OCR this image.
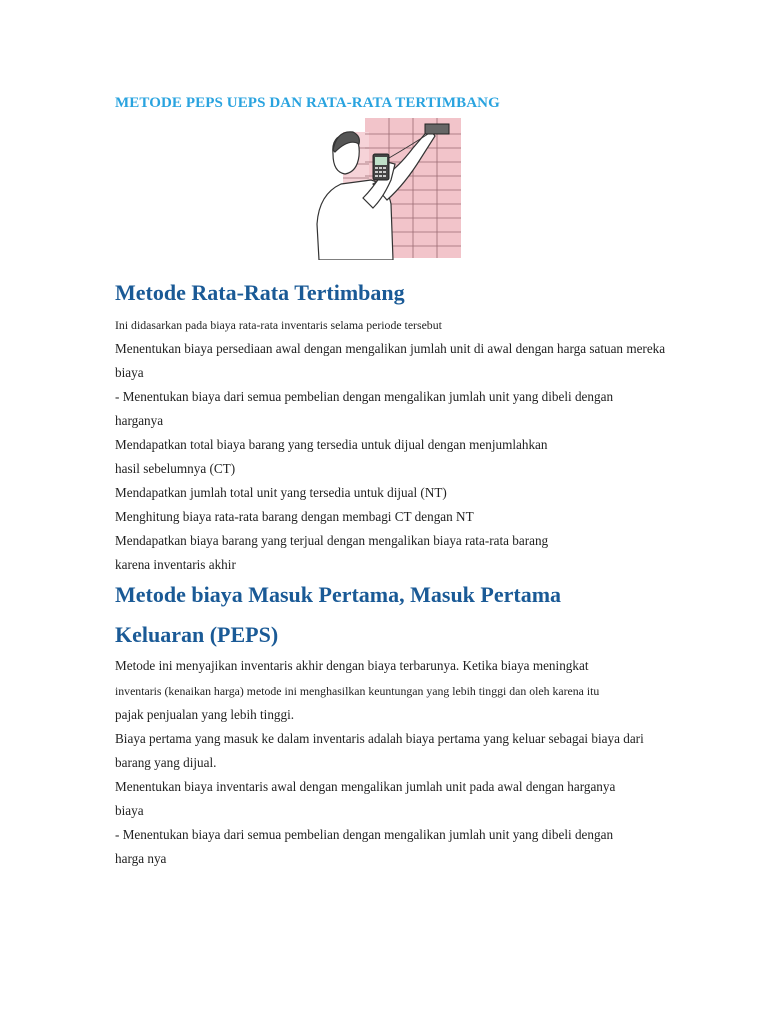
METODE PEPS UEPS DAN RATA-RATA TERTIMBANG
Metode Rata-Rata Tertimbang

Ini didasarkan pada biaya rata-rata inventaris selama periode tersebut

Menentukan biaya persediaan awal dengan mengalikan jumlah unit di awal dengan harga satuan mereka

biaya

- Menentukan biaya dari semua pembelian dengan mengalikan jumlah unit yang dibeli dengan

harganya

Mendapatkan total biaya barang yang tersedia untuk dijual dengan menjumlahkan

hasil sebelumnya (CT)

Mendapatkan jumlah total unit yang tersedia untuk dijual (NT)

Menghitung biaya rata-rata barang dengan membagi CT dengan NT

Mendapatkan biaya barang yang terjual dengan mengalikan biaya rata-rata barang

karena inventaris akhir

Metode biaya Masuk Pertama, Masuk Pertama
Keluaran (PEPS)

Metode ini menyajikan inventaris akhir dengan biaya terbarunya. Ketika biaya meningkat

inventaris (kenaikan harga) metode ini menghasilkan keuntungan yang lebih tinggi dan oleh karena itu

pajak penjualan yang lebih tinggi.

Biaya pertama yang masuk ke dalam inventaris adalah biaya pertama yang keluar sebagai biaya dari

barang yang dijual.

Menentukan biaya inventaris awal dengan mengalikan jumlah unit pada awal dengan harganya

biaya

- Menentukan biaya dari semua pembelian dengan mengalikan jumlah unit yang dibeli dengan

harga nya
